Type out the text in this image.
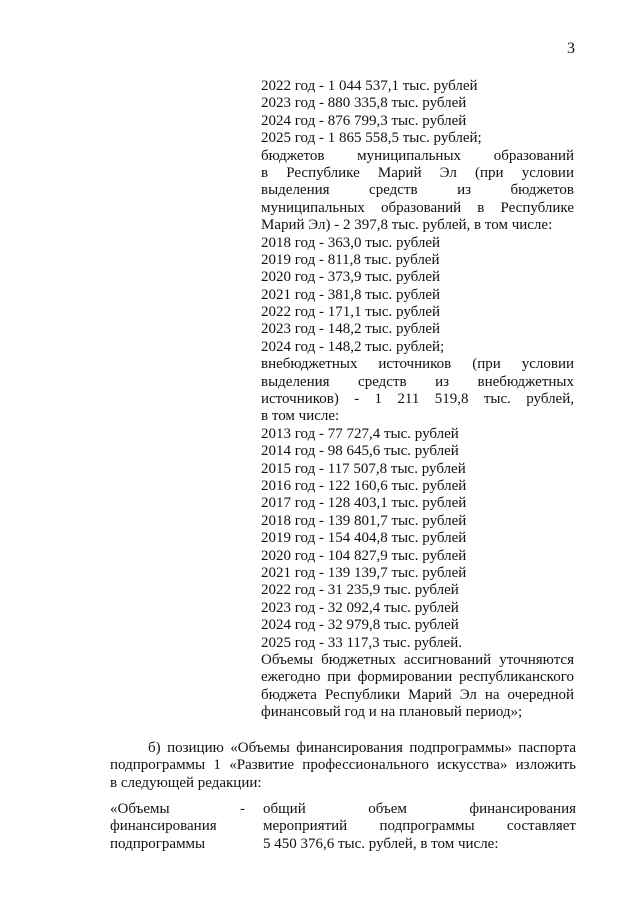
3
2022 год - 1 044 537,1 тыс. рублей
2023 год - 880 335,8 тыс. рублей
2024 год - 876 799,3 тыс. рублей
2025 год - 1 865 558,5 тыс. рублей;
бюджетов муниципальных образований
в Республике Марий Эл (при условии
выделения средств из бюджетов
муниципальных образований в Республике
Марий Эл) - 2 397,8 тыс. рублей, в том числе:
2018 год - 363,0 тыс. рублей
2019 год - 811,8 тыс. рублей
2020 год - 373,9 тыс. рублей
2021 год - 381,8 тыс. рублей
2022 год - 171,1 тыс. рублей
2023 год - 148,2 тыс. рублей
2024 год - 148,2 тыс. рублей;
внебюджетных источников (при условии
выделения средств из внебюджетных
источников) - 1 211 519,8 тыс. рублей,
в том числе:
2013 год - 77 727,4 тыс. рублей
2014 год - 98 645,6 тыс. рублей
2015 год - 117 507,8 тыс. рублей
2016 год - 122 160,6 тыс. рублей
2017 год - 128 403,1 тыс. рублей
2018 год - 139 801,7 тыс. рублей
2019 год - 154 404,8 тыс. рублей
2020 год - 104 827,9 тыс. рублей
2021 год - 139 139,7 тыс. рублей
2022 год - 31 235,9 тыс. рублей
2023 год - 32 092,4 тыс. рублей
2024 год - 32 979,8 тыс. рублей
2025 год - 33 117,3 тыс. рублей.
Объемы бюджетных ассигнований уточняются
ежегодно при формировании республиканского
бюджета Республики Марий Эл на очередной
финансовый год и на плановый период»;
б) позицию «Объемы финансирования подпрограммы» паспорта
подпрограммы 1 «Развитие профессионального искусства» изложить
в следующей редакции:
«Объемы
финансирования
подпрограммы
- общий объем финансирования
мероприятий подпрограммы составляет
5 450 376,6 тыс. рублей, в том числе:
